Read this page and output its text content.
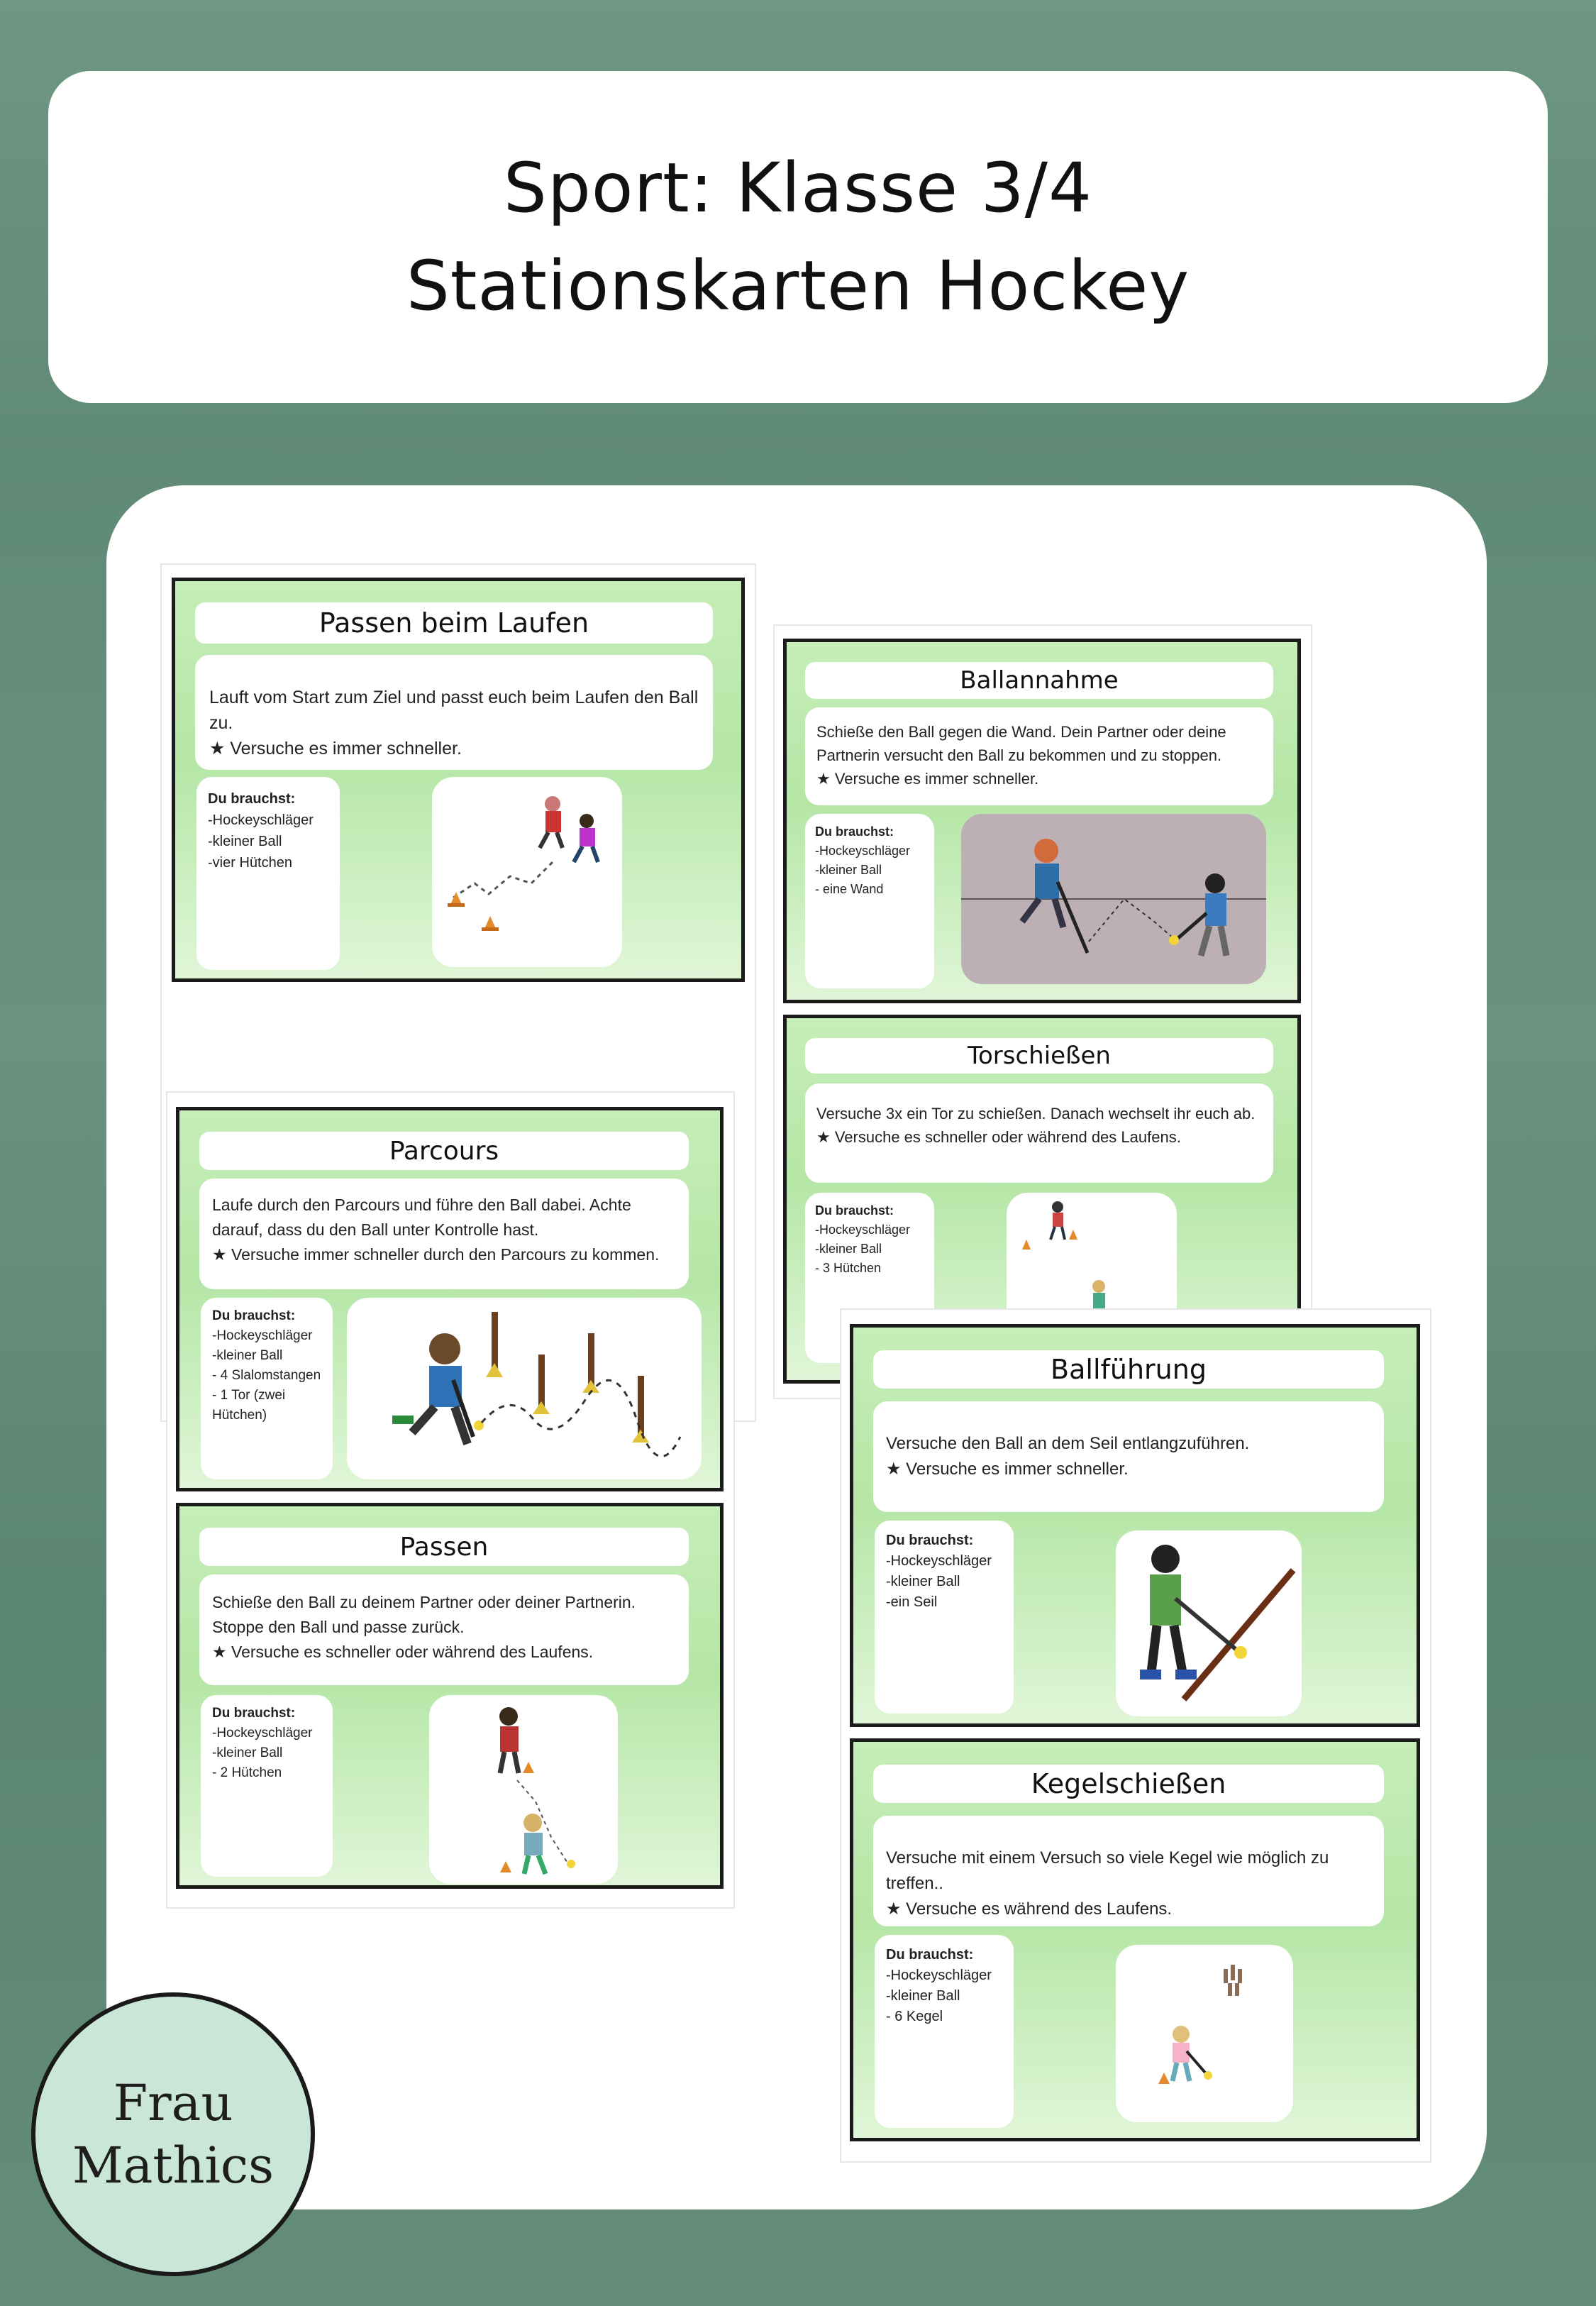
Sport: Klasse 3/4
Stationskarten Hockey
Passen beim Laufen

Lauft vom Start zum Ziel und passt euch beim Laufen den Ball zu.

★ Versuche es immer schneller.

Du brauchst:
-Hockeyschläger
-kleiner Ball
-vier Hütchen
Ballannahme

Schieße den Ball gegen die Wand. Dein Partner oder deine Partnerin versucht den Ball zu bekommen und zu stoppen.

★ Versuche es immer schneller.

Du brauchst:
-Hockeyschläger
-kleiner Ball
- eine Wand
Torschießen

Versuche 3x ein Tor zu schießen. Danach wechselt ihr euch ab.

★ Versuche es schneller oder während des Laufens.

Du brauchst:
-Hockeyschläger
-kleiner Ball
- 3 Hütchen
Parcours

Laufe durch den Parcours und führe den Ball dabei. Achte darauf, dass du den Ball unter Kontrolle hast.

★ Versuche immer schneller durch den Parcours zu kommen.

Du brauchst:
-Hockeyschläger
-kleiner Ball
- 4 Slalomstangen
- 1 Tor (zwei Hütchen)
Passen

Schieße den Ball zu deinem Partner oder deiner Partnerin. Stoppe den Ball und passe zurück.

★ Versuche es schneller oder während des Laufens.

Du brauchst:
-Hockeyschläger
-kleiner Ball
- 2 Hütchen
Ballführung

Versuche den Ball an dem Seil entlangzuführen.

★ Versuche es immer schneller.

Du brauchst:
-Hockeyschläger
-kleiner Ball
-ein Seil
Kegelschießen

Versuche mit einem Versuch so viele Kegel wie möglich zu treffen..

★ Versuche es während des Laufens.

Du brauchst:
-Hockeyschläger
-kleiner Ball
- 6 Kegel
Frau
Mathics
